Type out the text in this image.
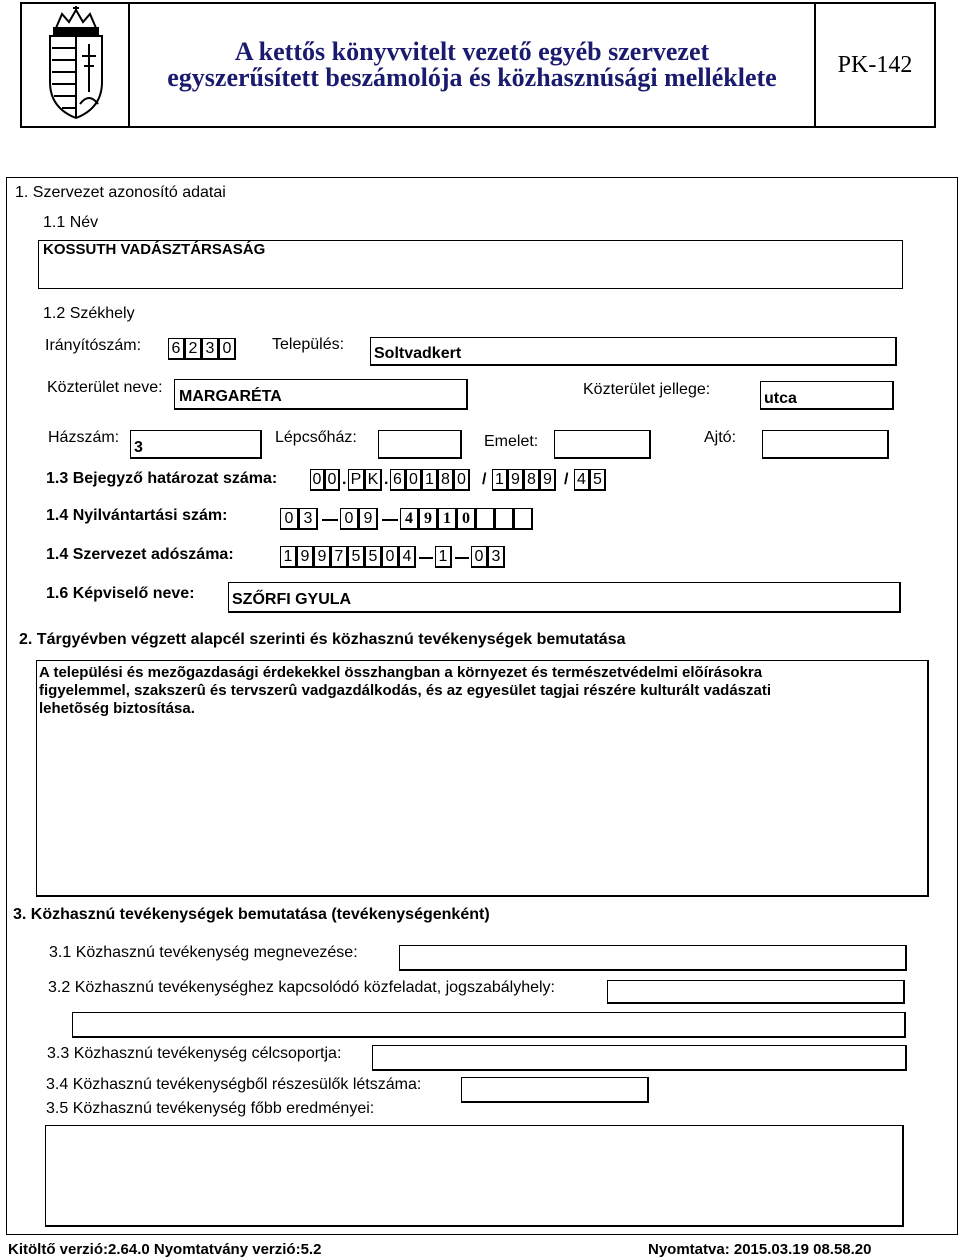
A kettős könyvvitelt vezető egyéb szervezet
egyszerűsített beszámolója és közhasznúsági melléklete	PK-142
1. Szervezet azonosító adatai
1.1 Név
KOSSUTH VADÁSZTÁRSASÁG
1.2 Székhely
Irányítószám: 6 2 3 0	Település:
Soltvadkert
Közterület neve:
MARGARÉTA	Közterület jellege:
utca
Házszám:
3
Lépcsőház:	Emelet:	Ajtó:
1.3 Bejegyző határozat száma: 0 0 . P K . 6 0 1 8 0 / 1 9 8 9 / 4 5
1.4 Nyilvántartási szám:	0 3	0 9	4 9 1 0
1.4 Szervezet adószáma:	1 9 9 7 5 5 0 4 1 0 3
1.6 Képviselő neve: SZŐRFI GYULA
2. Tárgyévben végzett alapcél szerinti és közhasznú tevékenységek bemutatása
A települési és mezõgazdasági érdekekkel összhangban a környezet és természetvédelmi elõírásokra
figyelemmel, szakszerû és tervszerû vadgazdálkodás, és az egyesület tagjai részére kulturált vadászati
lehetõség biztosítása.
3. Közhasznú tevékenységek bemutatása (tevékenységenként)
3.1 Közhasznú tevékenység megnevezése:
3.2 Közhasznú tevékenységhez kapcsolódó közfeladat, jogszabályhely:
3.3 Közhasznú tevékenység célcsoportja:
3.4 Közhasznú tevékenységből részesülők létszáma:
3.5 Közhasznú tevékenység főbb eredményei:
Kitöltő verzió:2.64.0 Nyomtatvány verzió:5.2	Nyomtatva: 2015.03.19 08.58.20
